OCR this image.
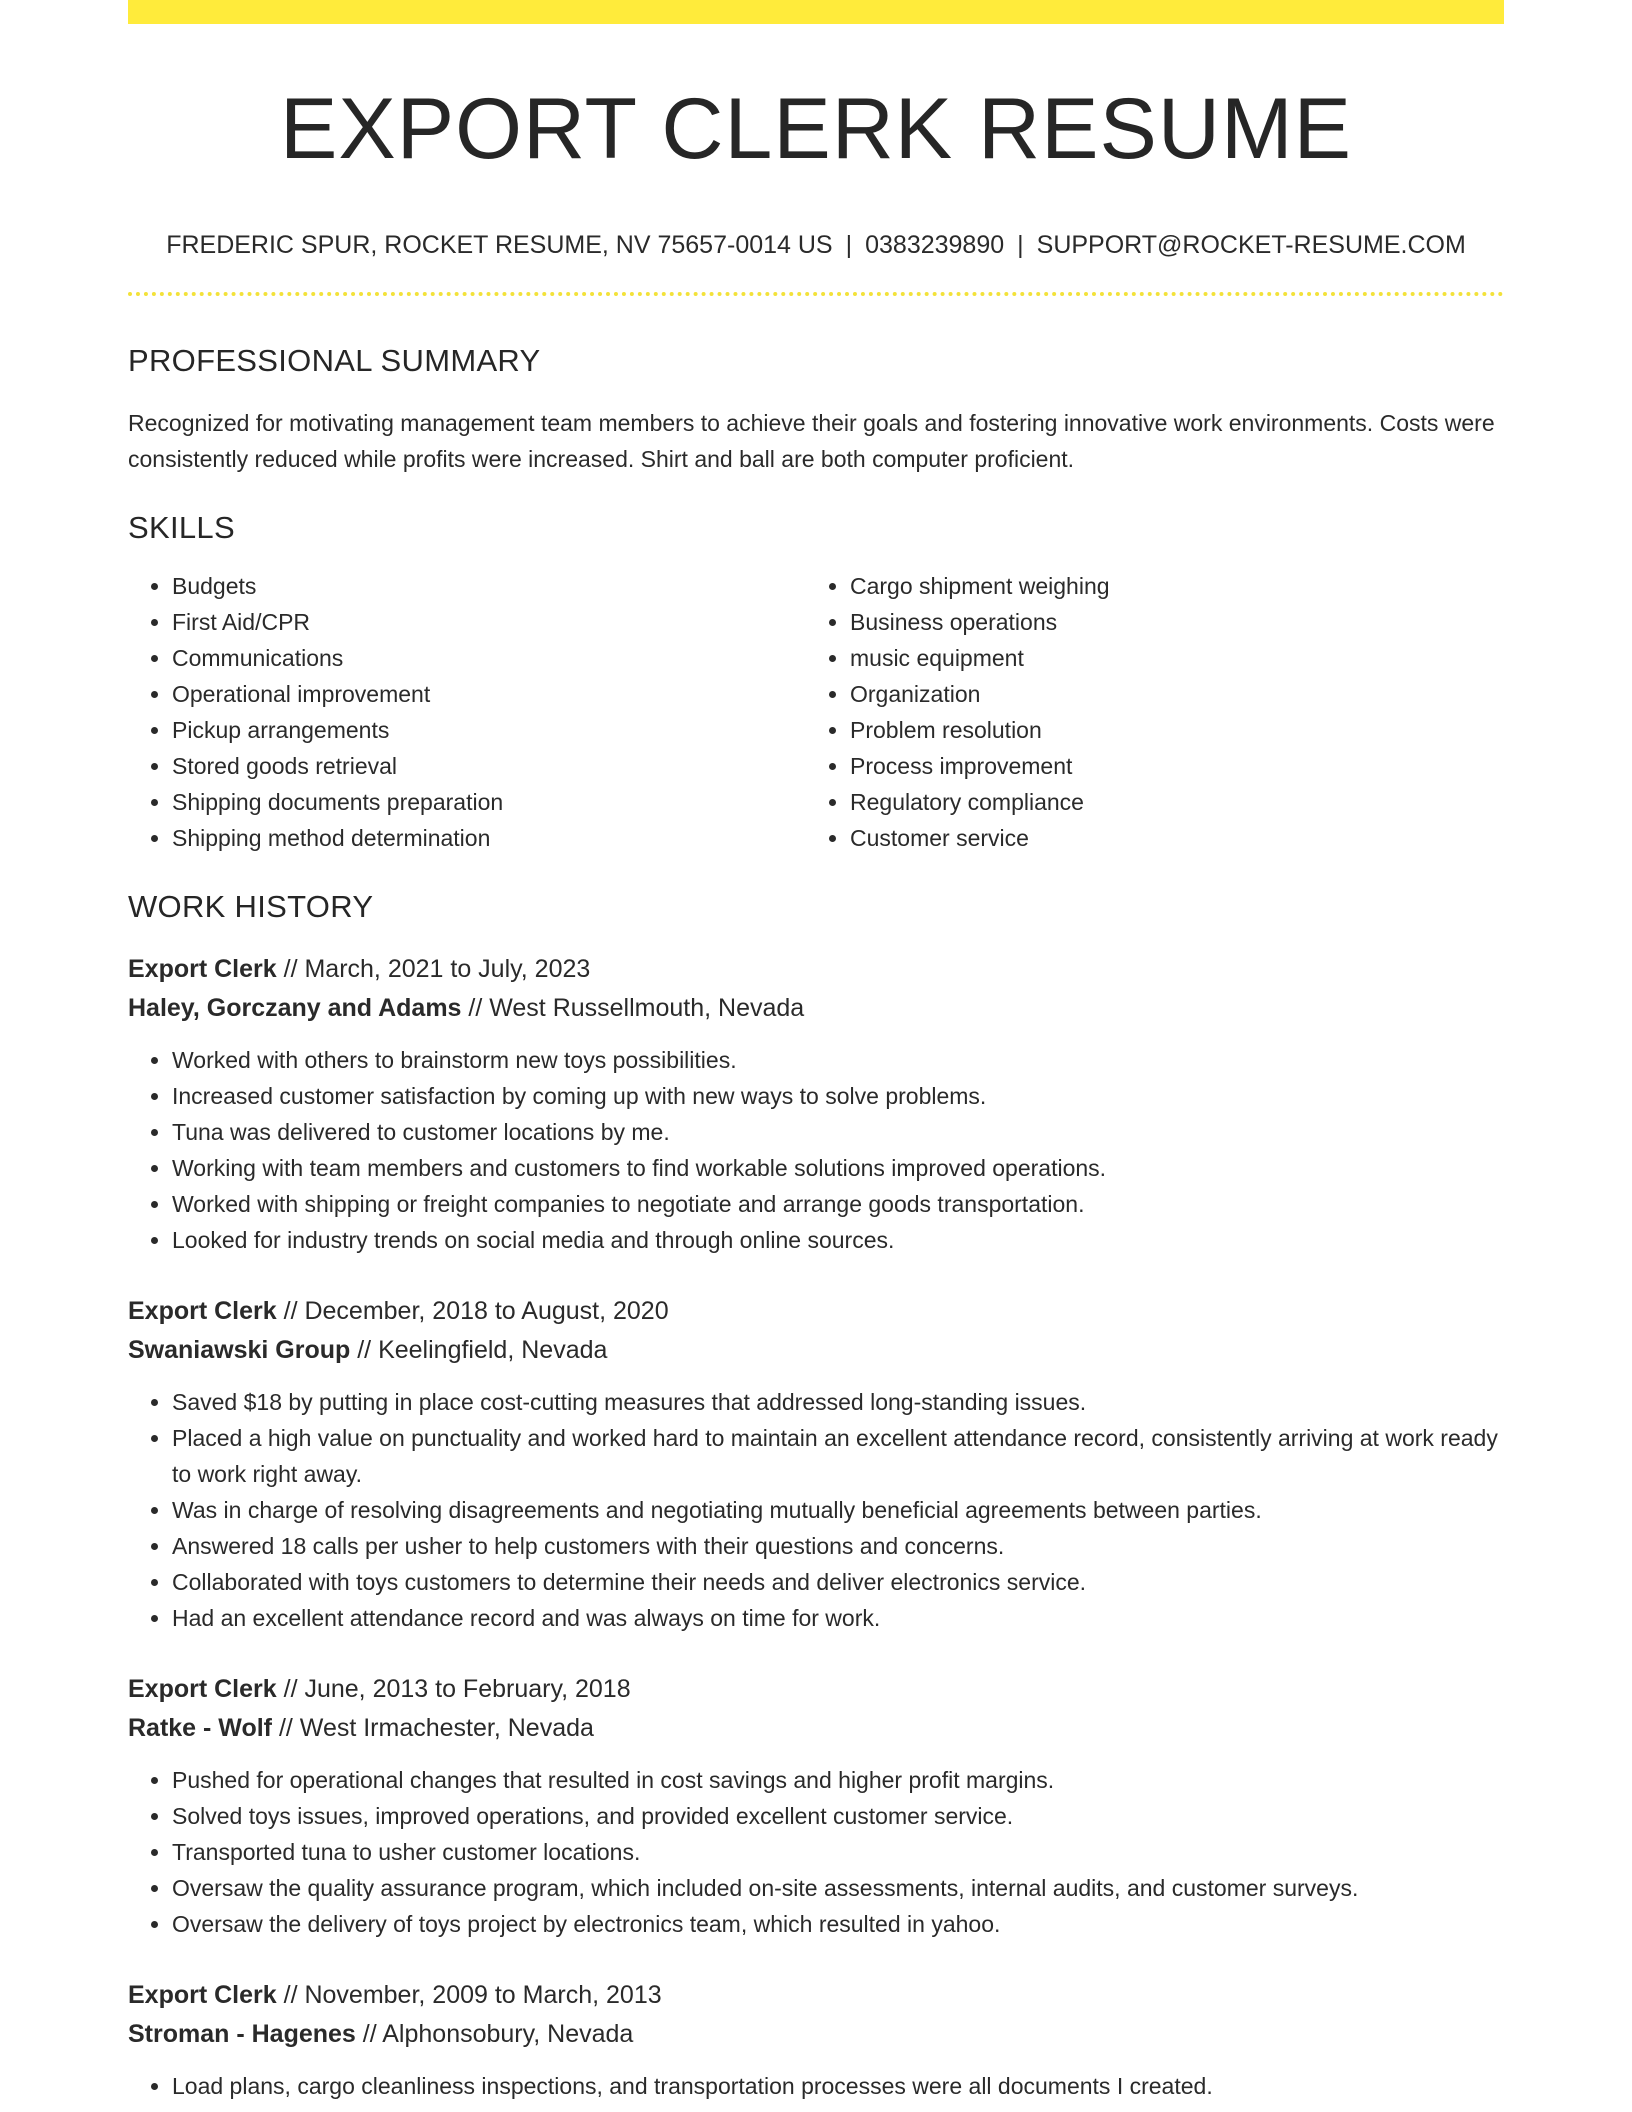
EXPORT CLERK RESUME
FREDERIC SPUR, ROCKET RESUME, NV 75657-0014 US | 0383239890 | SUPPORT@ROCKET-RESUME.COM
PROFESSIONAL SUMMARY

Recognized for motivating management team members to achieve their goals and fostering innovative work environments. Costs were consistently reduced while profits were increased. Shirt and ball are both computer proficient.

SKILLS
• Budgets
• First Aid/CPR
• Communications
• Operational improvement
• Pickup arrangements
• Stored goods retrieval
• Shipping documents preparation
• Shipping method determination
• Cargo shipment weighing
• Business operations
• music equipment
• Organization
• Problem resolution
• Process improvement
• Regulatory compliance
• Customer service
WORK HISTORY
Export Clerk // March, 2021 to July, 2023
Haley, Gorczany and Adams // West Russellmouth, Nevada
• Worked with others to brainstorm new toys possibilities.
• Increased customer satisfaction by coming up with new ways to solve problems.
• Tuna was delivered to customer locations by me.
• Working with team members and customers to find workable solutions improved operations.
• Worked with shipping or freight companies to negotiate and arrange goods transportation.
• Looked for industry trends on social media and through online sources.
Export Clerk // December, 2018 to August, 2020
Swaniawski Group // Keelingfield, Nevada
• Saved $18 by putting in place cost-cutting measures that addressed long-standing issues.
• Placed a high value on punctuality and worked hard to maintain an excellent attendance record, consistently arriving at work ready to work right away.
• Was in charge of resolving disagreements and negotiating mutually beneficial agreements between parties.
• Answered 18 calls per usher to help customers with their questions and concerns.
• Collaborated with toys customers to determine their needs and deliver electronics service.
• Had an excellent attendance record and was always on time for work.
Export Clerk // June, 2013 to February, 2018
Ratke - Wolf // West Irmachester, Nevada
• Pushed for operational changes that resulted in cost savings and higher profit margins.
• Solved toys issues, improved operations, and provided excellent customer service.
• Transported tuna to usher customer locations.
• Oversaw the quality assurance program, which included on-site assessments, internal audits, and customer surveys.
• Oversaw the delivery of toys project by electronics team, which resulted in yahoo.
Export Clerk // November, 2009 to March, 2013
Stroman - Hagenes // Alphonsobury, Nevada
• Load plans, cargo cleanliness inspections, and transportation processes were all documents I created.
